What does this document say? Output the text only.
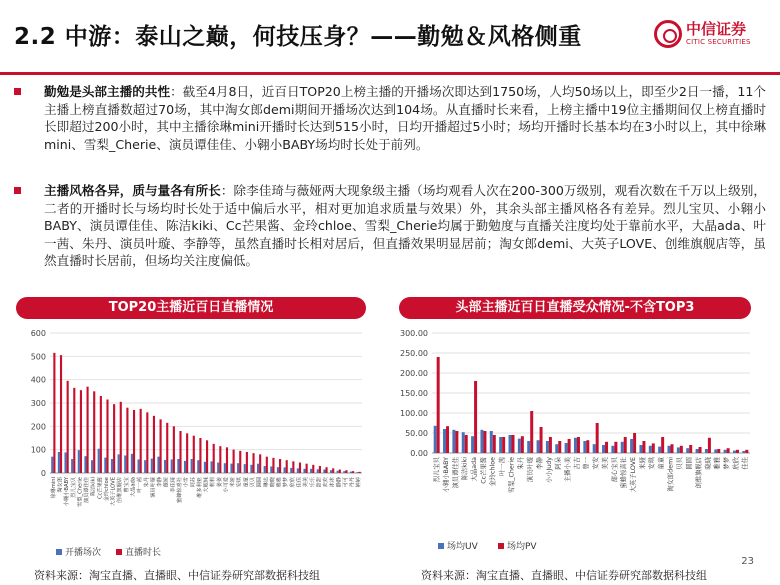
2.2 中游：泰山之巅，何技压身？——勤勉＆风格侧重	中信证券
CITIC SECURITIES
勤勉是头部主播的共性：截至4月8日，近百日TOP20上榜主播的开播场次即达到1750场，人均50场以上，即至少2日一播，11个主播上榜直播数超过70场，其中淘女郎demi期间开播场次达到104场。从直播时长来看，上榜主播中19位主播期间仅上榜直播时长即超过200小时，其中主播徐琳mini开播时长达到515小时，日均开播超过5小时；场均开播时长基本均在3小时以上，其中徐琳mini、雪梨_Cherie、演员谭佳佳、小翱小BABY场均时长处于前列。
主播风格各异，质与量各有所长：除李佳琦与薇娅两大现象级主播（场均观看人次在200-300万级别，观看次数在千万以上级别，二者的开播时长与场均时长处于适中偏后水平，相对更加追求质量与效果）外，其余头部主播风格各有差异。烈儿宝贝、小翱小BABY、演员谭佳佳、陈洁kiki、Cc芒果酱、金玲chloe、雪梨_Cherie均属于勤勉度与直播关注度均处于靠前水平，大晶ada、叶一茜、朱丹、演员叶璇、李静等，虽然直播时长相对居后，但直播效果明显居前；淘女郎demi、大英子LOVE、创维旗舰店等，虽然直播时长居前，但场均关注度偏低。
TOP20主播近百日直播情况	头部主播近百日直播受众情况-不含TOP3
0
100
200
300
400
500
600
徐琳mini 淘女郎 小翱小BABY 烈儿宝贝 雪梨_Cherie 演员谭佳佳 陈洁kiki Cc芒果酱 金玲chloe 大英子LOVE 创维旗舰店 曹宝宝 大晶ada 叶一茜 朱丹 演员叶璇 李静 薇娅 李佳琦 蜜蜂惊喜社 小雪 阿苏 维多利亚 大眼妹 莉莉 姜姜 小可爱 米娅 安琪 童童 贝贝 圆圆 琳达 晓晓 雅雅 梦梦 欣欣 佳佳 美美 乐乐 甜甜 欢欢 冰冰 静静 可可 丹丹 婷婷
开播场次	直播时长
0.00
50.00
100.00
150.00
200.00
250.00
300.00
烈儿宝贝 小翱小BABY 演员谭佳佳 陈洁kiki 大晶ada Cc芒果酱 金玲chloe 叶一茜 雪梨_Cherie 朱丹 演员叶璇 李静 小小Judy 阿朵 主播小美 吉吉 曾一 安安 美美 甜心宝贝 蜜蜂惊喜社 大英子LOVE 米娅 安琪 童童 淘女郎demi 贝贝 圆圆 创维旗舰店 晓晓 雅雅 梦梦 欣欣 佳佳
场均UV	场均PV
资料来源：淘宝直播、直播眼、中信证券研究部数据科技组	资料来源：淘宝直播、直播眼、中信证券研究部数据科技组
23
